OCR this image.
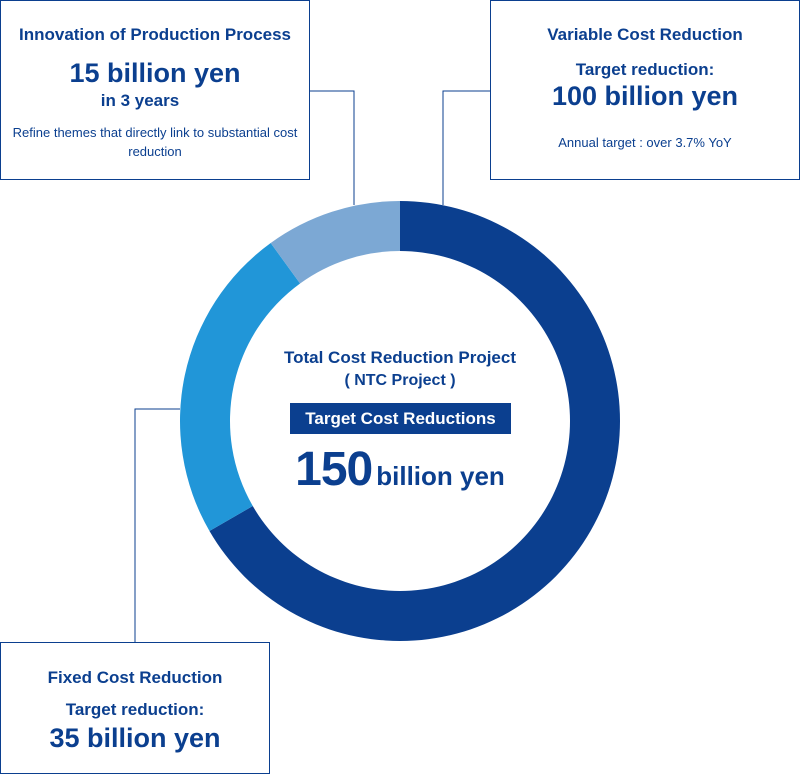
Innovation of Production Process
15 billion yen
in 3 years
Refine themes that directly link to substantial cost reduction
Variable Cost Reduction
Target reduction:
100 billion yen
Annual target : over 3.7% YoY
Fixed Cost Reduction
Target reduction:
35 billion yen
Total Cost Reduction Project
( NTC Project )
Target Cost Reductions
150 billion yen
